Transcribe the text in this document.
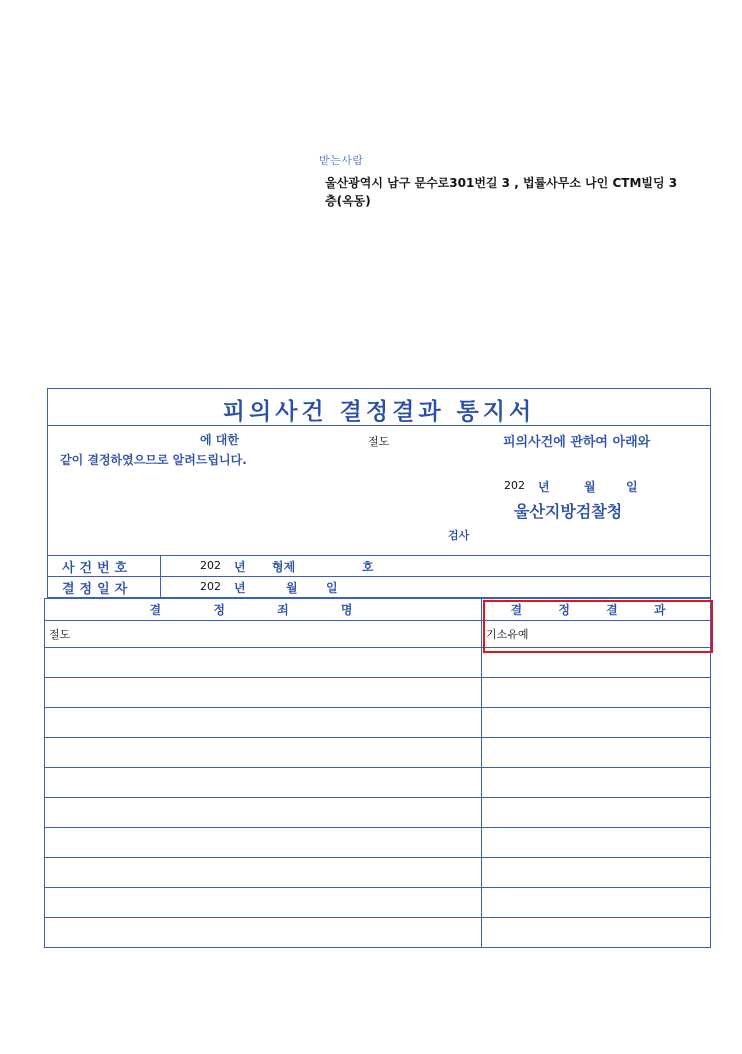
받는사람
울산광역시 남구 문수로301번길 3 , 법률사무소 나인 CTM빌딩 3층(옥동)
피의사건 결정결과 통지서
에 대한	절도	피의사건에 관하여 아래와
같이 결정하였으므로 알려드립니다.
202 년	월	일
울산지방검찰청
검사
사건번호	202 년 형제	호
결정일자	202 년	월 일
결 정 죄 명	결 정 결 과
절도	기소유예
